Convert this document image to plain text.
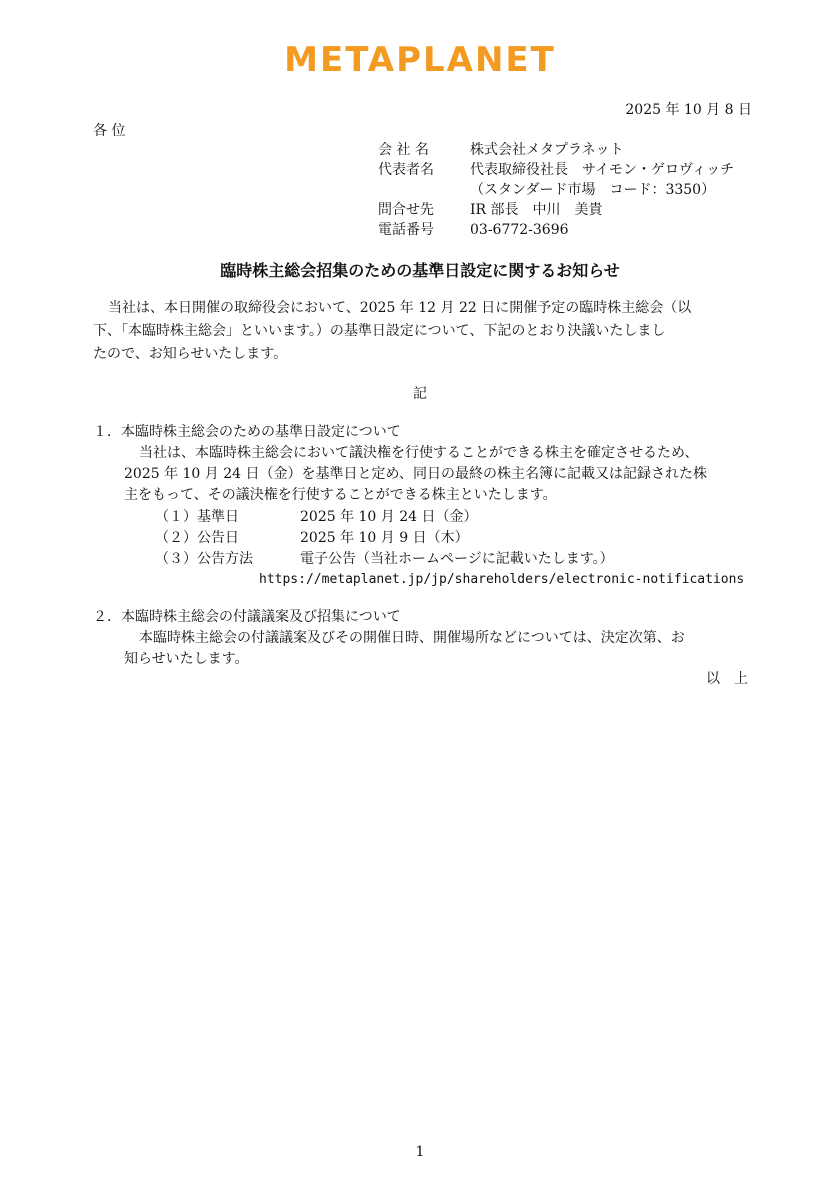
METAPLANET
2025 年 10 月 8 日
各 位
会 社 名	株式会社メタプラネット
代表者名	代表取締役社長　サイモン・ゲロヴィッチ
（スタンダード市場　コード：3350）
問合せ先	IR 部長　中川　美貴
電話番号	03-6772-3696
臨時株主総会招集のための基準日設定に関するお知らせ
当社は、本日開催の取締役会において、2025 年 12 月 22 日に開催予定の臨時株主総会（以
下、「本臨時株主総会」といいます。）の基準日設定について、下記のとおり決議いたしまし
たので、お知らせいたします。
記
１．本臨時株主総会のための基準日設定について
当社は、本臨時株主総会において議決権を行使することができる株主を確定させるため、
2025 年 10 月 24 日（金）を基準日と定め、同日の最終の株主名簿に記載又は記録された株
主をもって、その議決権を行使することができる株主といたします。
（１）基準日	2025 年 10 月 24 日（金）
（２）公告日	2025 年 10 月 9 日（木）
（３）公告方法	電子公告（当社ホームページに記載いたします。）
https://metaplanet.jp/jp/shareholders/electronic-notifications
２．本臨時株主総会の付議議案及び招集について
本臨時株主総会の付議議案及びその開催日時、開催場所などについては、決定次第、お
知らせいたします。
以　上
1
